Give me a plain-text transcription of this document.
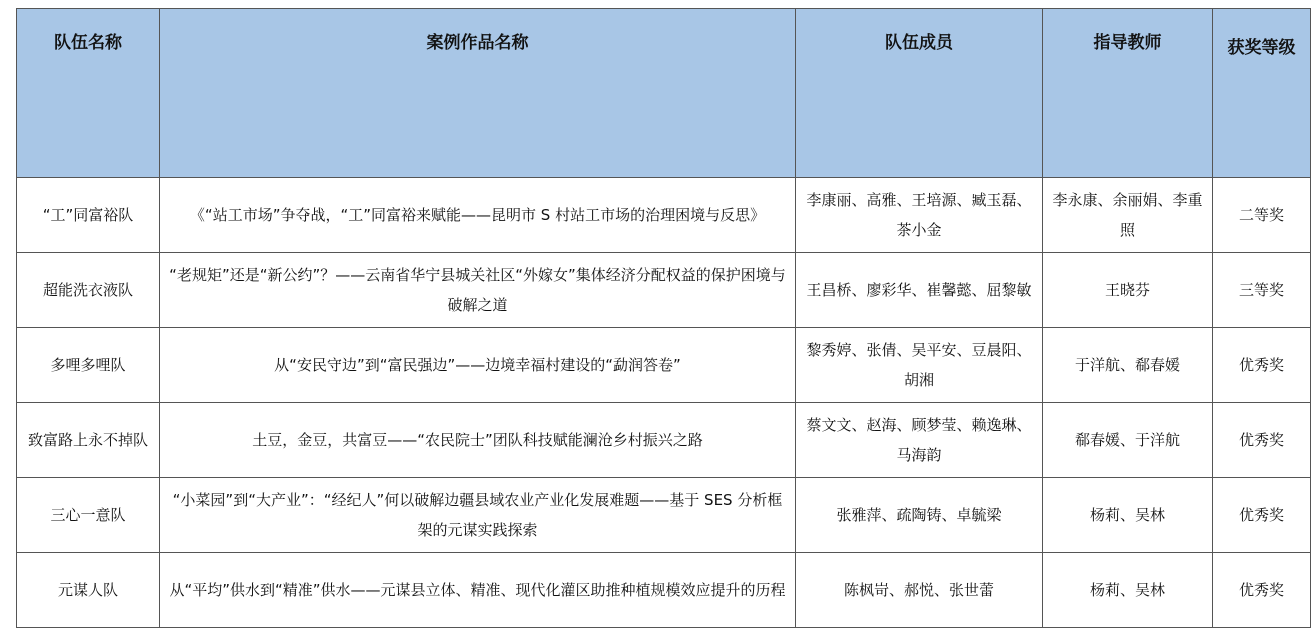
队伍名称	案例作品名称	队伍成员	指导教师	获奖等级
“工”同富裕队	《“站工市场”争夺战，“工”同富裕来赋能——昆明市 S 村站工市场的治理困境与反思》	李康丽、高雅、王培源、臧玉磊、茶小金	李永康、余丽娟、李重照	二等奖
超能洗衣液队	“老规矩”还是“新公约”？——云南省华宁县城关社区“外嫁女”集体经济分配权益的保护困境与破解之道	王昌桥、廖彩华、崔馨懿、屈黎敏	王晓芬	三等奖
多哩多哩队	从“安民守边”到“富民强边”——边境幸福村建设的“勐润答卷”	黎秀婷、张倩、吴平安、豆晨阳、胡湘	于洋航、郗春媛	优秀奖
致富路上永不掉队	土豆，金豆，共富豆——“农民院士”团队科技赋能澜沧乡村振兴之路	蔡文文、赵海、顾梦莹、赖逸琳、马海韵	郗春媛、于洋航	优秀奖
三心一意队	“小菜园”到“大产业”：“经纪人”何以破解边疆县域农业产业化发展难题——基于 SES 分析框架的元谋实践探索	张雅萍、疏陶铸、卓毓梁	杨莉、吴林	优秀奖
元谋人队	从“平均”供水到“精准”供水——元谋县立体、精准、现代化灌区助推种植规模效应提升的历程	陈枫岢、郝悦、张世蕾	杨莉、吴林	优秀奖
